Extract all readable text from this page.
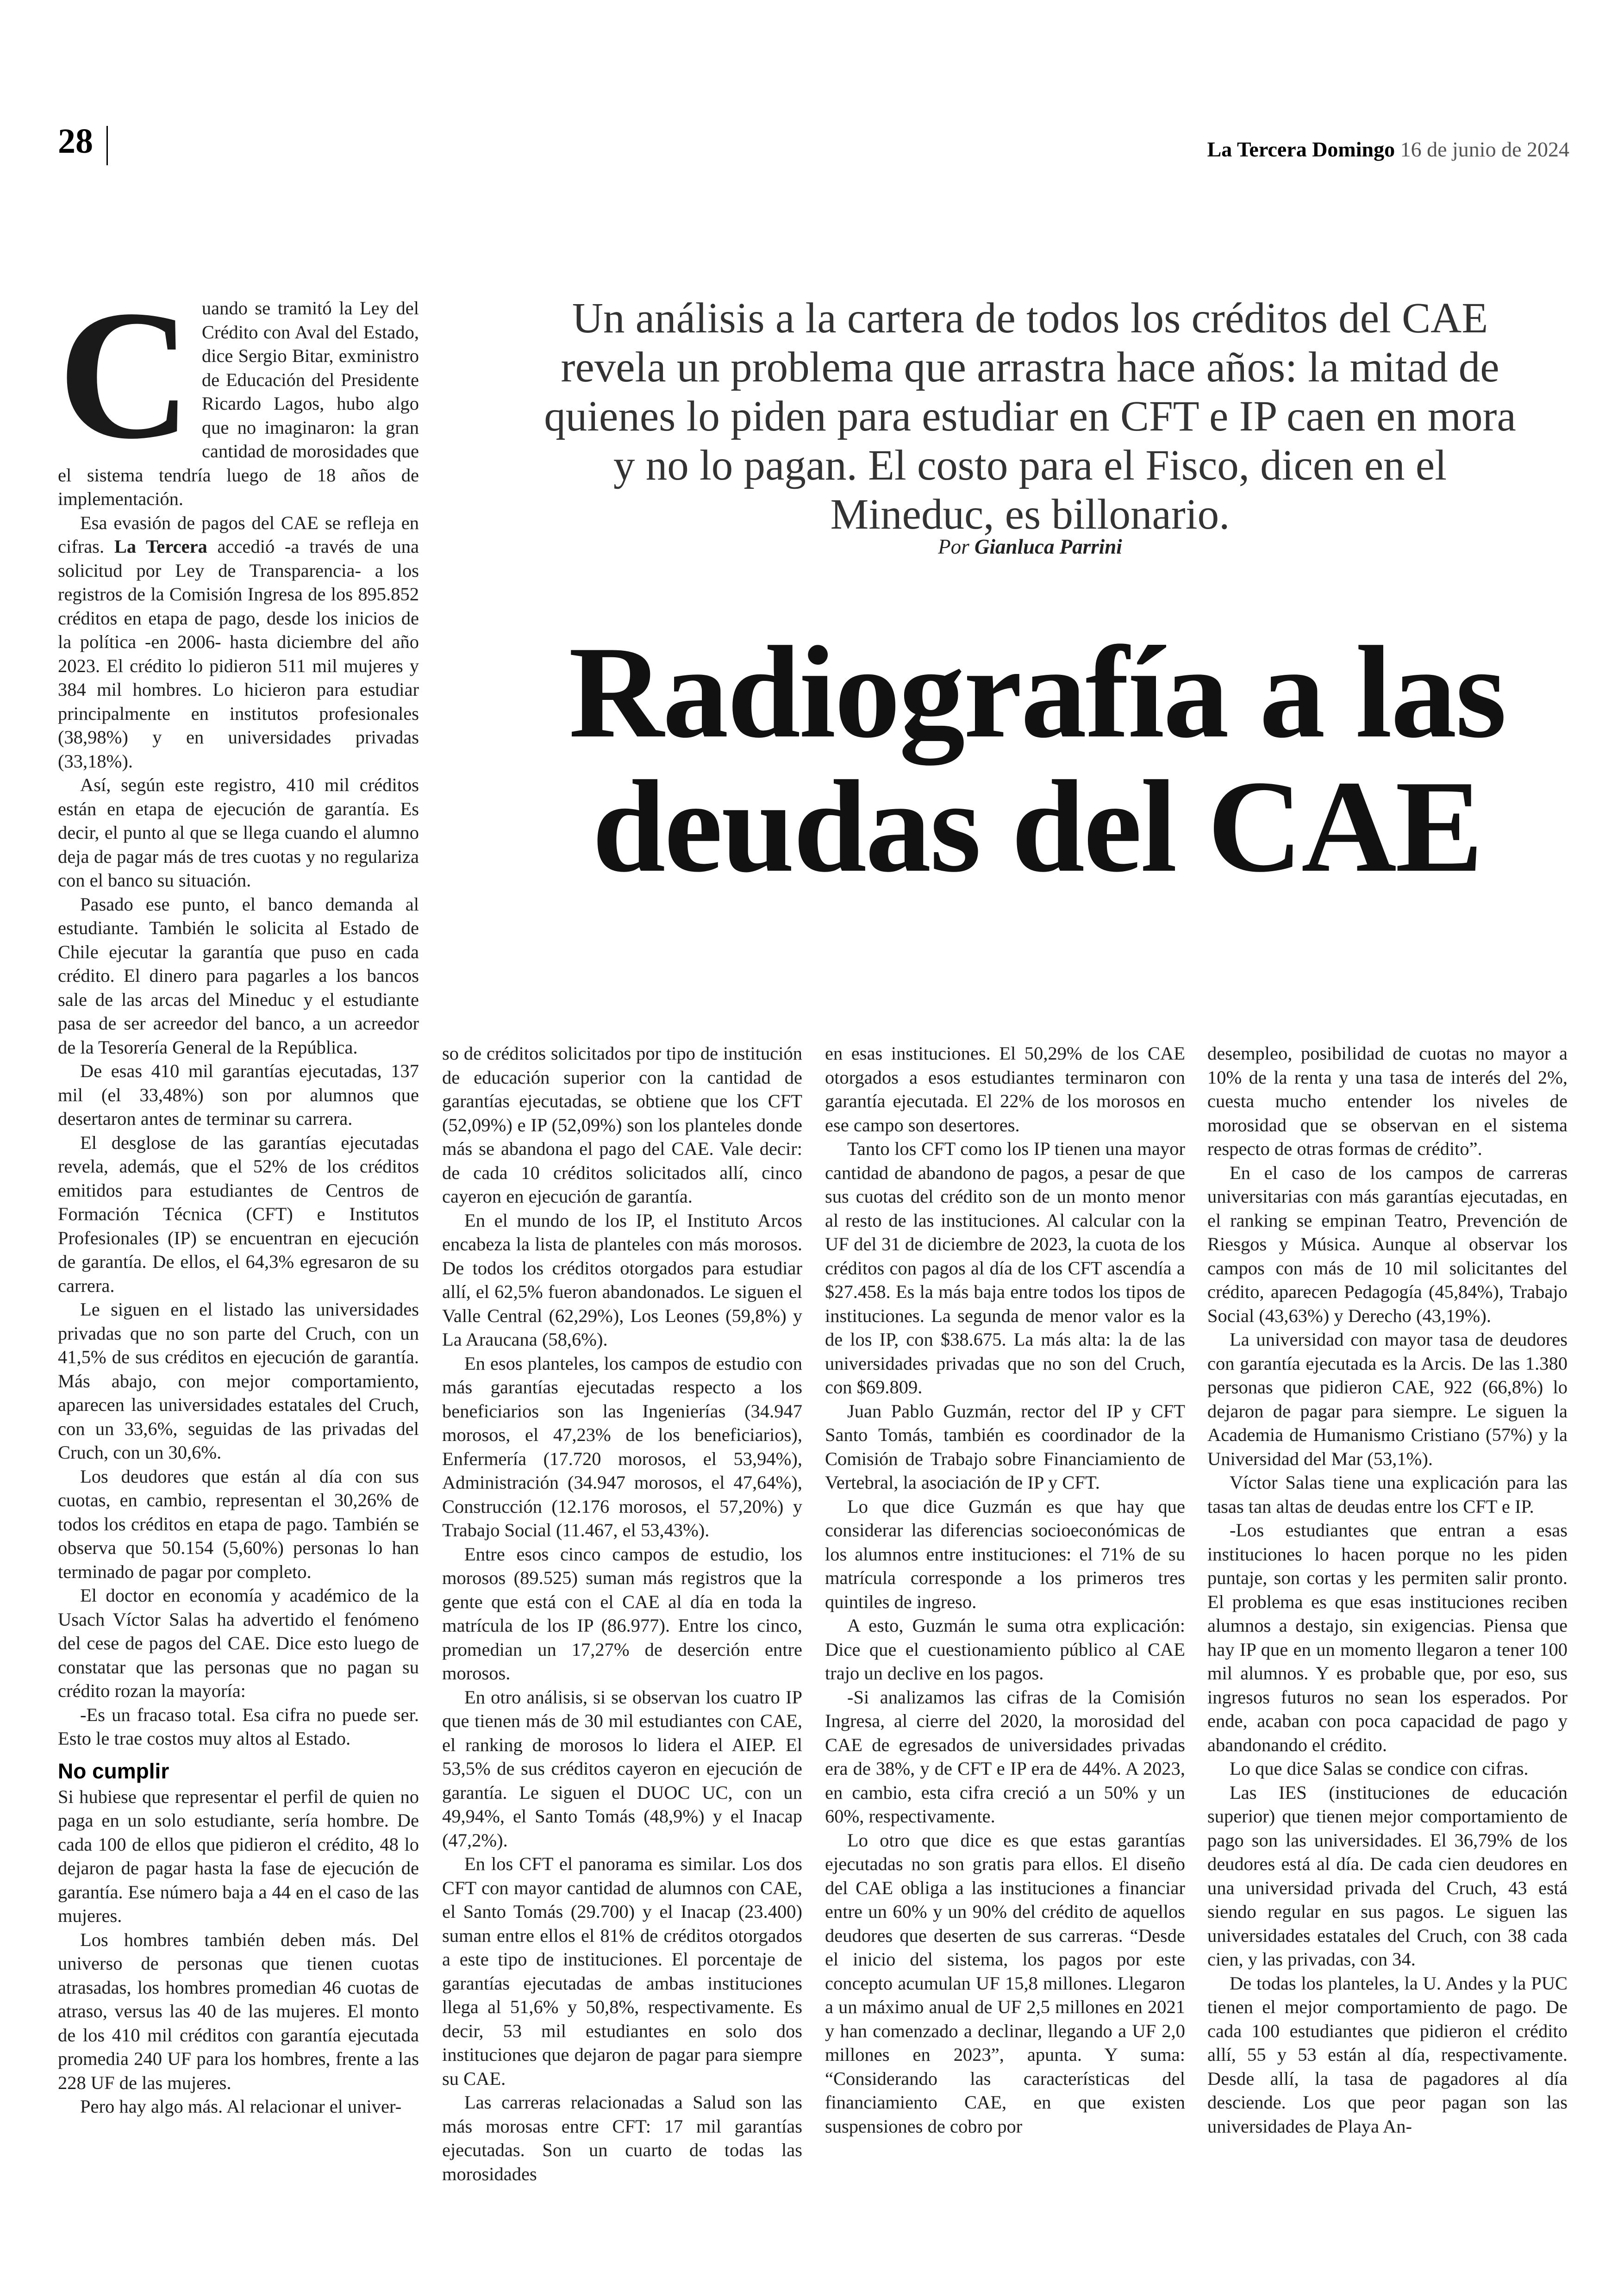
28	La Tercera Domingo 16 de junio de 2024
Un análisis a la cartera de todos los créditos del CAE revela un problema que arrastra hace años: la mitad de quienes lo piden para estudiar en CFT e IP caen en mora y no lo pagan. El costo para el Fisco, dicen en el Mineduc, es billonario.
Por Gianluca Parrini
Radiografía a las deudas del CAE

Cuando se tramitó la Ley del Crédito con Aval del Estado, dice Sergio Bitar, exministro de Educación del Presidente Ricardo Lagos, hubo algo que no imaginaron: la gran cantidad de morosidades que el sistema tendría luego de 18 años de implementación.

Esa evasión de pagos del CAE se refleja en cifras. La Tercera accedió -a través de una solicitud por Ley de Transparencia- a los registros de la Comisión Ingresa de los 895.852 créditos en etapa de pago, desde los inicios de la política -en 2006- hasta diciembre del año 2023. El crédito lo pidieron 511 mil mujeres y 384 mil hombres. Lo hicieron para estudiar principalmente en institutos profesionales (38,98%) y en universidades privadas (33,18%).

Así, según este registro, 410 mil créditos están en etapa de ejecución de garantía. Es decir, el punto al que se llega cuando el alumno deja de pagar más de tres cuotas y no regulariza con el banco su situación.

Pasado ese punto, el banco demanda al estudiante. También le solicita al Estado de Chile ejecutar la garantía que puso en cada crédito. El dinero para pagarles a los bancos sale de las arcas del Mineduc y el estudiante pasa de ser acreedor del banco, a un acreedor de la Tesorería General de la República.

De esas 410 mil garantías ejecutadas, 137 mil (el 33,48%) son por alumnos que desertaron antes de terminar su carrera.

El desglose de las garantías ejecutadas revela, además, que el 52% de los créditos emitidos para estudiantes de Centros de Formación Técnica (CFT) e Institutos Profesionales (IP) se encuentran en ejecución de garantía. De ellos, el 64,3% egresaron de su carrera.

Le siguen en el listado las universidades privadas que no son parte del Cruch, con un 41,5% de sus créditos en ejecución de garantía. Más abajo, con mejor comportamiento, aparecen las universidades estatales del Cruch, con un 33,6%, seguidas de las privadas del Cruch, con un 30,6%.

Los deudores que están al día con sus cuotas, en cambio, representan el 30,26% de todos los créditos en etapa de pago. También se observa que 50.154 (5,60%) personas lo han terminado de pagar por completo.

El doctor en economía y académico de la Usach Víctor Salas ha advertido el fenómeno del cese de pagos del CAE. Dice esto luego de constatar que las personas que no pagan su crédito rozan la mayoría:

-Es un fracaso total. Esa cifra no puede ser. Esto le trae costos muy altos al Estado.

No cumplir

Si hubiese que representar el perfil de quien no paga en un solo estudiante, sería hombre. De cada 100 de ellos que pidieron el crédito, 48 lo dejaron de pagar hasta la fase de ejecución de garantía. Ese número baja a 44 en el caso de las mujeres.

Los hombres también deben más. Del universo de personas que tienen cuotas atrasadas, los hombres promedian 46 cuotas de atraso, versus las 40 de las mujeres. El monto de los 410 mil créditos con garantía ejecutada promedia 240 UF para los hombres, frente a las 228 UF de las mujeres.

Pero hay algo más. Al relacionar el univer-

so de créditos solicitados por tipo de institución de educación superior con la cantidad de garantías ejecutadas, se obtiene que los CFT (52,09%) e IP (52,09%) son los planteles donde más se abandona el pago del CAE. Vale decir: de cada 10 créditos solicitados allí, cinco cayeron en ejecución de garantía.

En el mundo de los IP, el Instituto Arcos encabeza la lista de planteles con más morosos. De todos los créditos otorgados para estudiar allí, el 62,5% fueron abandonados. Le siguen el Valle Central (62,29%), Los Leones (59,8%) y La Araucana (58,6%).

En esos planteles, los campos de estudio con más garantías ejecutadas respecto a los beneficiarios son las Ingenierías (34.947 morosos, el 47,23% de los beneficiarios), Enfermería (17.720 morosos, el 53,94%), Administración (34.947 morosos, el 47,64%), Construcción (12.176 morosos, el 57,20%) y Trabajo Social (11.467, el 53,43%).

Entre esos cinco campos de estudio, los morosos (89.525) suman más registros que la gente que está con el CAE al día en toda la matrícula de los IP (86.977). Entre los cinco, promedian un 17,27% de deserción entre morosos.

En otro análisis, si se observan los cuatro IP que tienen más de 30 mil estudiantes con CAE, el ranking de morosos lo lidera el AIEP. El 53,5% de sus créditos cayeron en ejecución de garantía. Le siguen el DUOC UC, con un 49,94%, el Santo Tomás (48,9%) y el Inacap (47,2%).

En los CFT el panorama es similar. Los dos CFT con mayor cantidad de alumnos con CAE, el Santo Tomás (29.700) y el Inacap (23.400) suman entre ellos el 81% de créditos otorgados a este tipo de instituciones. El porcentaje de garantías ejecutadas de ambas instituciones llega al 51,6% y 50,8%, respectivamente. Es decir, 53 mil estudiantes en solo dos instituciones que dejaron de pagar para siempre su CAE.

Las carreras relacionadas a Salud son las más morosas entre CFT: 17 mil garantías ejecutadas. Son un cuarto de todas las morosidades

en esas instituciones. El 50,29% de los CAE otorgados a esos estudiantes terminaron con garantía ejecutada. El 22% de los morosos en ese campo son desertores.

Tanto los CFT como los IP tienen una mayor cantidad de abandono de pagos, a pesar de que sus cuotas del crédito son de un monto menor al resto de las instituciones. Al calcular con la UF del 31 de diciembre de 2023, la cuota de los créditos con pagos al día de los CFT ascendía a $27.458. Es la más baja entre todos los tipos de instituciones. La segunda de menor valor es la de los IP, con $38.675. La más alta: la de las universidades privadas que no son del Cruch, con $69.809.

Juan Pablo Guzmán, rector del IP y CFT Santo Tomás, también es coordinador de la Comisión de Trabajo sobre Financiamiento de Vertebral, la asociación de IP y CFT.

Lo que dice Guzmán es que hay que considerar las diferencias socioeconómicas de los alumnos entre instituciones: el 71% de su matrícula corresponde a los primeros tres quintiles de ingreso.

A esto, Guzmán le suma otra explicación: Dice que el cuestionamiento público al CAE trajo un declive en los pagos.

-Si analizamos las cifras de la Comisión Ingresa, al cierre del 2020, la morosidad del CAE de egresados de universidades privadas era de 38%, y de CFT e IP era de 44%. A 2023, en cambio, esta cifra creció a un 50% y un 60%, respectivamente.

Lo otro que dice es que estas garantías ejecutadas no son gratis para ellos. El diseño del CAE obliga a las instituciones a financiar entre un 60% y un 90% del crédito de aquellos deudores que deserten de sus carreras. “Desde el inicio del sistema, los pagos por este concepto acumulan UF 15,8 millones. Llegaron a un máximo anual de UF 2,5 millones en 2021 y han comenzado a declinar, llegando a UF 2,0 millones en 2023”, apunta. Y suma: “Considerando las características del financiamiento CAE, en que existen suspensiones de cobro por

desempleo, posibilidad de cuotas no mayor a 10% de la renta y una tasa de interés del 2%, cuesta mucho entender los niveles de morosidad que se observan en el sistema respecto de otras formas de crédito”.

En el caso de los campos de carreras universitarias con más garantías ejecutadas, en el ranking se empinan Teatro, Prevención de Riesgos y Música. Aunque al observar los campos con más de 10 mil solicitantes del crédito, aparecen Pedagogía (45,84%), Trabajo Social (43,63%) y Derecho (43,19%).

La universidad con mayor tasa de deudores con garantía ejecutada es la Arcis. De las 1.380 personas que pidieron CAE, 922 (66,8%) lo dejaron de pagar para siempre. Le siguen la Academia de Humanismo Cristiano (57%) y la Universidad del Mar (53,1%).

Víctor Salas tiene una explicación para las tasas tan altas de deudas entre los CFT e IP.

-Los estudiantes que entran a esas instituciones lo hacen porque no les piden puntaje, son cortas y les permiten salir pronto. El problema es que esas instituciones reciben alumnos a destajo, sin exigencias. Piensa que hay IP que en un momento llegaron a tener 100 mil alumnos. Y es probable que, por eso, sus ingresos futuros no sean los esperados. Por ende, acaban con poca capacidad de pago y abandonando el crédito.

Lo que dice Salas se condice con cifras.

Las IES (instituciones de educación superior) que tienen mejor comportamiento de pago son las universidades. El 36,79% de los deudores está al día. De cada cien deudores en una universidad privada del Cruch, 43 está siendo regular en sus pagos. Le siguen las universidades estatales del Cruch, con 38 cada cien, y las privadas, con 34.

De todas los planteles, la U. Andes y la PUC tienen el mejor comportamiento de pago. De cada 100 estudiantes que pidieron el crédito allí, 55 y 53 están al día, respectivamente. Desde allí, la tasa de pagadores al día desciende. Los que peor pagan son las universidades de Playa An-
